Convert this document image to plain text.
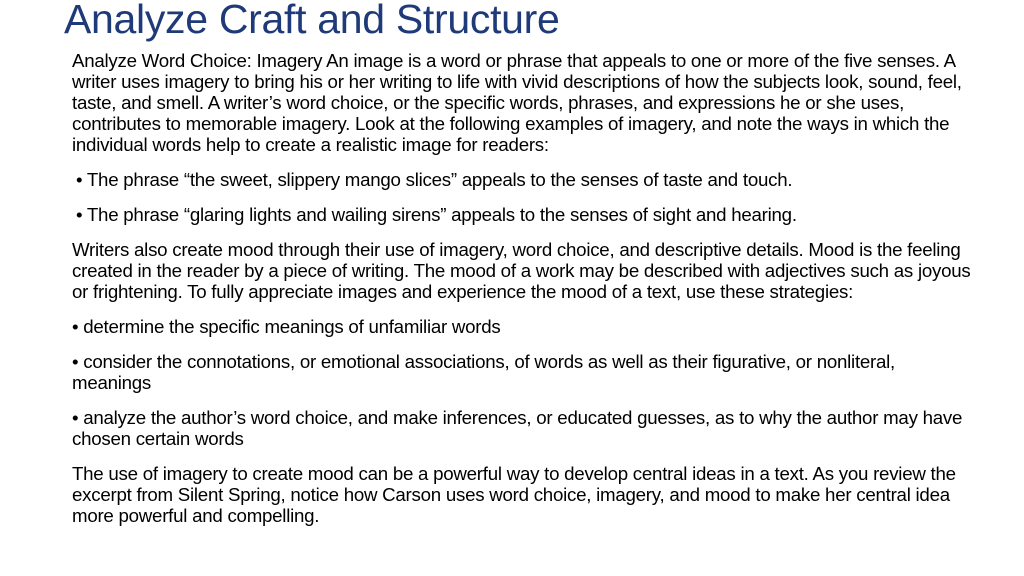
Analyze Craft and Structure

Analyze Word Choice: Imagery An image is a word or phrase that appeals to one or more of the five senses. A writer uses imagery to bring his or her writing to life with vivid descriptions of how the subjects look, sound, feel, taste, and smell. A writer’s word choice, or the specific words, phrases, and expressions he or she uses, contributes to memorable imagery. Look at the following examples of imagery, and note the ways in which the individual words help to create a realistic image for readers:

• The phrase “the sweet, slippery mango slices” appeals to the senses of taste and touch.

• The phrase “glaring lights and wailing sirens” appeals to the senses of sight and hearing.

Writers also create mood through their use of imagery, word choice, and descriptive details. Mood is the feeling created in the reader by a piece of writing. The mood of a work may be described with adjectives such as joyous or frightening. To fully appreciate images and experience the mood of a text, use these strategies:

• determine the specific meanings of unfamiliar words

• consider the connotations, or emotional associations, of words as well as their figurative, or nonliteral, meanings

• analyze the author’s word choice, and make inferences, or educated guesses, as to why the author may have chosen certain words

The use of imagery to create mood can be a powerful way to develop central ideas in a text. As you review the excerpt from Silent Spring, notice how Carson uses word choice, imagery, and mood to make her central idea more powerful and compelling.
